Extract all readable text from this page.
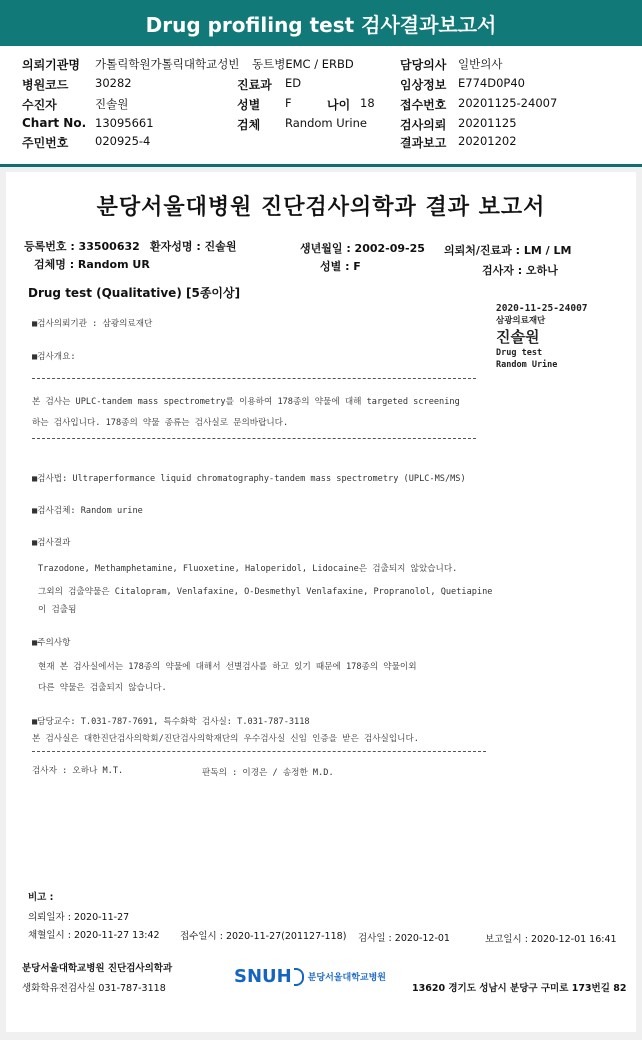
Drug profiling test 검사결과보고서
의뢰기관명 가톨릭학원가톨릭대학교성빈 동트병EMC / ERBD	담당의사 일반의사
병원코드 30282	진료과 ED	임상정보 E774D0P40
수진자	진솔원	성별 F	나이 18 접수번호 20201125-24007
Chart No. 13095661	검체 Random Urine	검사의뢰 20201125
주민번호 020925-4	결과보고 20201202
분당서울대병원 진단검사의학과 결과 보고서
등록번호 : 33500632 환자성명 : 진솔원	생년월일 : 2002-09-25 의뢰처/진료과 : LM / LM
검체명 : Random UR	성별 : F	검사자 : 오하나
Drug test (Qualitative) [5종이상]
2020-11-25-24007
삼광의료재단
진솔원
Drug test
Random Urine
■검사의뢰기관 : 삼광의료재단
■검사개요:
본 검사는 UPLC-tandem mass spectrometry를 이용하여 178종의 약물에 대해 targeted screening
하는 검사입니다. 178종의 약물 종류는 검사실로 문의바랍니다.
■검사법: Ultraperformance liquid chromatography-tandem mass spectrometry (UPLC-MS/MS)
■검사검체: Random urine
■검사결과
Trazodone, Methamphetamine, Fluoxetine, Haloperidol, Lidocaine은 검출되지 않았습니다.
그외의 검출약물은 Citalopram, Venlafaxine, O-Desmethyl Venlafaxine, Propranolol, Quetiapine
이 검출됨
■주의사항
현재 본 검사실에서는 178종의 약물에 대해서 선별검사를 하고 있기 때문에 178종의 약물이외
다른 약물은 검출되지 않습니다.
■담당교수: T.031-787-7691, 특수화학 검사실: T.031-787-3118
본 검사실은 대한진단검사의학회/진단검사의학재단의 우수검사실 신임 인증을 받은 검사실입니다.
검사자 : 오하나 M.T.	판독의 : 이경은 / 송정한 M.D.
비고 :
의뢰일자 : 2020-11-27
채혈일시 : 2020-11-27 13:42 접수일시 : 2020-11-27(201127-118) 검사일 : 2020-12-01	보고일시 : 2020-12-01 16:41
분당서울대학교병원 진단검사의학과
생화학유전검사실 031-787-3118
SNUH 분당서울대학교병원
13620 경기도 성남시 분당구 구미로 173번길 82
